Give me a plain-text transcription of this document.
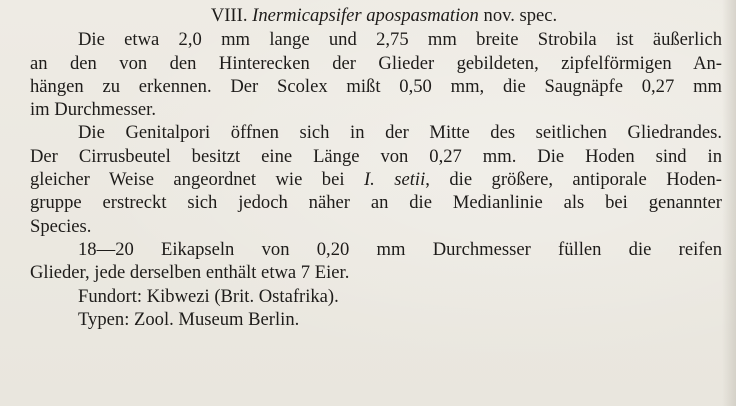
VIII. Inermicapsifer apospasmation nov. spec.
Die etwa 2,0 mm lange und 2,75 mm breite Strobila ist äußerlich
an den von den Hinterecken der Glieder gebildeten, zipfelförmigen An-
hängen zu erkennen. Der Scolex mißt 0,50 mm, die Saugnäpfe 0,27 mm
im Durchmesser.
Die Genitalpori öffnen sich in der Mitte des seitlichen Gliedrandes.
Der Cirrusbeutel besitzt eine Länge von 0,27 mm. Die Hoden sind in
gleicher Weise angeordnet wie bei I. setii, die größere, antiporale Hoden-
gruppe erstreckt sich jedoch näher an die Medianlinie als bei genannter
Species.
18—20 Eikapseln von 0,20 mm Durchmesser füllen die reifen
Glieder, jede derselben enthält etwa 7 Eier.
Fundort: Kibwezi (Brit. Ostafrika).
Typen: Zool. Museum Berlin.
